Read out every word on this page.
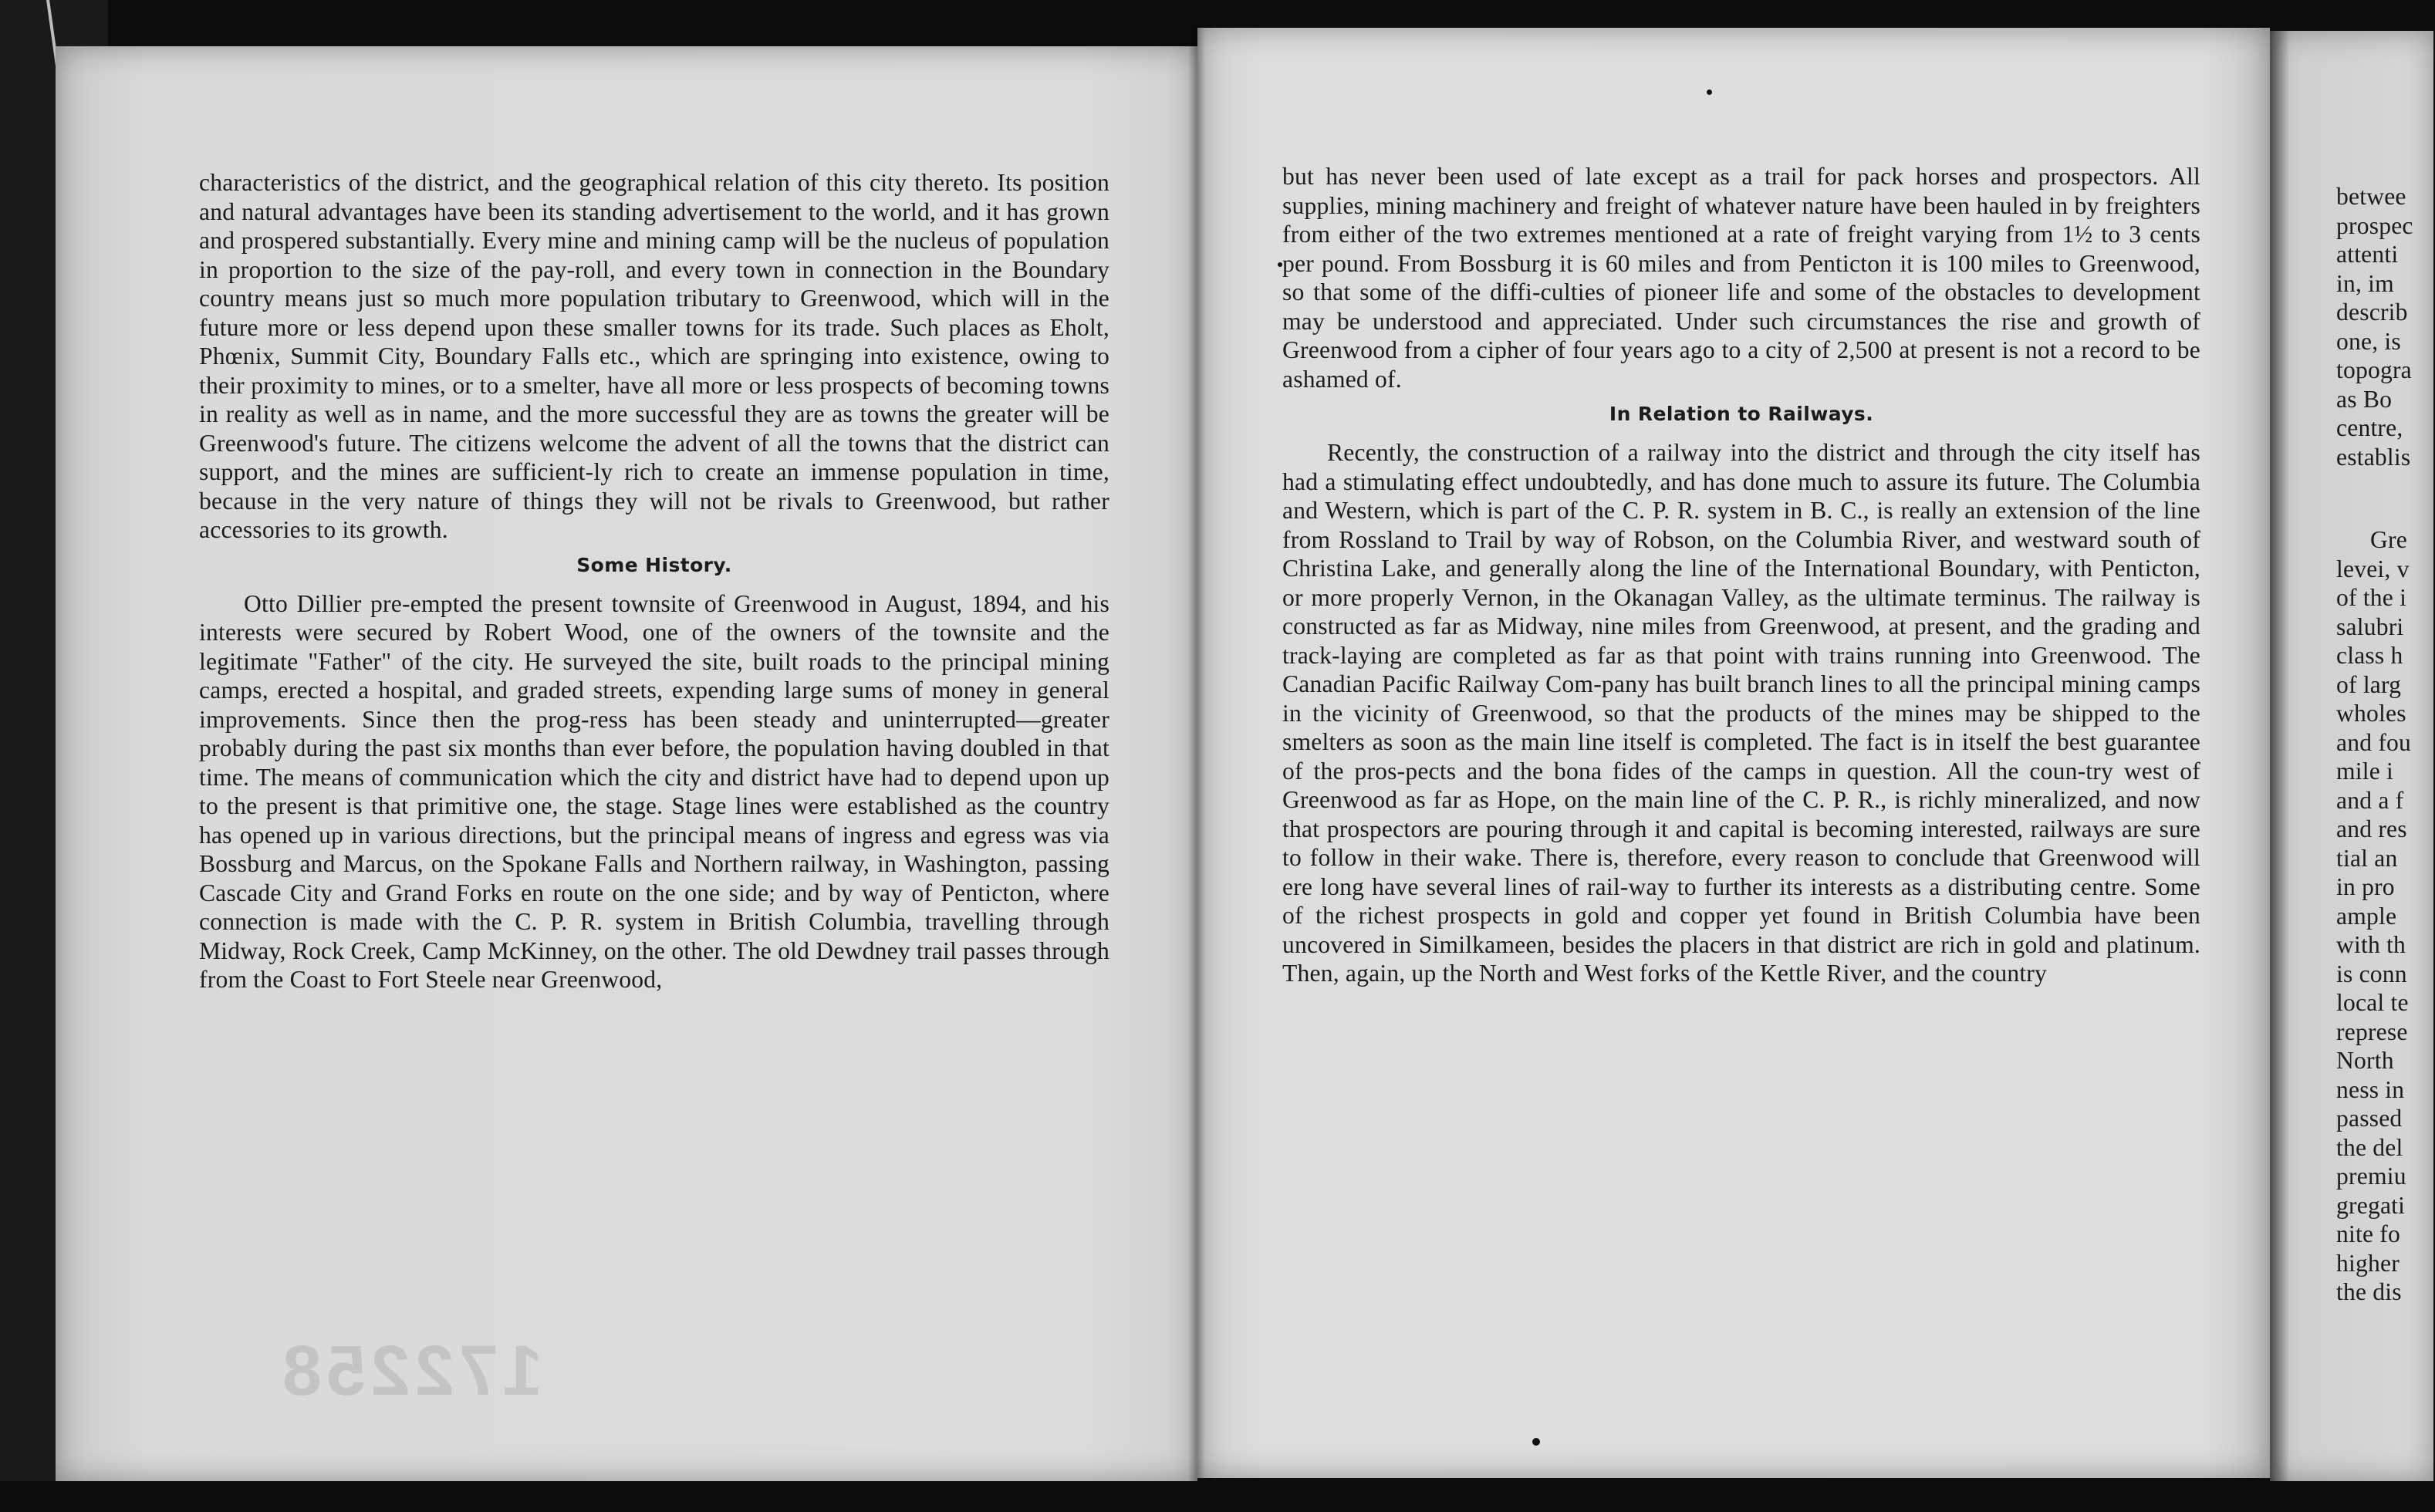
172258

characteristics of the district, and the geographical relation of this city thereto. Its position and natural advantages have been its standing advertisement to the world, and it has grown and prospered substantially. Every mine and mining camp will be the nucleus of population in proportion to the size of the pay-roll, and every town in connection in the Boundary country means just so much more population tributary to Greenwood, which will in the future more or less depend upon these smaller towns for its trade. Such places as Eholt, Phœnix, Summit City, Boundary Falls etc., which are springing into existence, owing to their proximity to mines, or to a smelter, have all more or less prospects of becoming towns in reality as well as in name, and the more successful they are as towns the greater will be Greenwood's future. The citizens welcome the advent of all the towns that the district can support, and the mines are sufficient-ly rich to create an immense population in time, because in the very nature of things they will not be rivals to Greenwood, but rather accessories to its growth.

Some History.

Otto Dillier pre-empted the present townsite of Greenwood in August, 1894, and his interests were secured by Robert Wood, one of the owners of the townsite and the legitimate "Father" of the city. He surveyed the site, built roads to the principal mining camps, erected a hospital, and graded streets, expending large sums of money in general improvements. Since then the prog-ress has been steady and uninterrupted—greater probably during the past six months than ever before, the population having doubled in that time. The means of communication which the city and district have had to depend upon up to the present is that primitive one, the stage. Stage lines were established as the country has opened up in various directions, but the principal means of ingress and egress was via Bossburg and Marcus, on the Spokane Falls and Northern railway, in Washington, passing Cascade City and Grand Forks en route on the one side; and by way of Penticton, where connection is made with the C. P. R. system in British Columbia, travelling through Midway, Rock Creek, Camp McKinney, on the other. The old Dewdney trail passes through from the Coast to Fort Steele near Greenwood,

but has never been used of late except as a trail for pack horses and prospectors. All supplies, mining machinery and freight of whatever nature have been hauled in by freighters from either of the two extremes mentioned at a rate of freight varying from 1½ to 3 cents per pound. From Bossburg it is 60 miles and from Penticton it is 100 miles to Greenwood, so that some of the diffi-culties of pioneer life and some of the obstacles to development may be understood and appreciated. Under such circumstances the rise and growth of Greenwood from a cipher of four years ago to a city of 2,500 at present is not a record to be ashamed of.

In Relation to Railways.

Recently, the construction of a railway into the district and through the city itself has had a stimulating effect undoubtedly, and has done much to assure its future. The Columbia and Western, which is part of the C. P. R. system in B. C., is really an extension of the line from Rossland to Trail by way of Robson, on the Columbia River, and westward south of Christina Lake, and generally along the line of the International Boundary, with Penticton, or more properly Vernon, in the Okanagan Valley, as the ultimate terminus. The railway is constructed as far as Midway, nine miles from Greenwood, at present, and the grading and track-laying are completed as far as that point with trains running into Greenwood. The Canadian Pacific Railway Com-pany has built branch lines to all the principal mining camps in the vicinity of Greenwood, so that the products of the mines may be shipped to the smelters as soon as the main line itself is completed. The fact is in itself the best guarantee of the pros-pects and the bona fides of the camps in question. All the coun-try west of Greenwood as far as Hope, on the main line of the C. P. R., is richly mineralized, and now that prospectors are pouring through it and capital is becoming interested, railways are sure to follow in their wake. There is, therefore, every reason to conclude that Greenwood will ere long have several lines of rail-way to further its interests as a distributing centre. Some of the richest prospects in gold and copper yet found in British Columbia have been uncovered in Similkameen, besides the placers in that district are rich in gold and platinum. Then, again, up the North and West forks of the Kettle River, and the country

betwee
prospec
attenti
in, im
describ
one, is
topogra
as Bo
centre,
establis
Gre
levei, v
of the i
salubri
class h
of larg
wholes
and fou
mile i
and a f
and res
tial an
in pro
ample
with th
is conn
local te
represe
North
ness in
passed
the del
premiu
gregati
nite fo
higher
the dis
